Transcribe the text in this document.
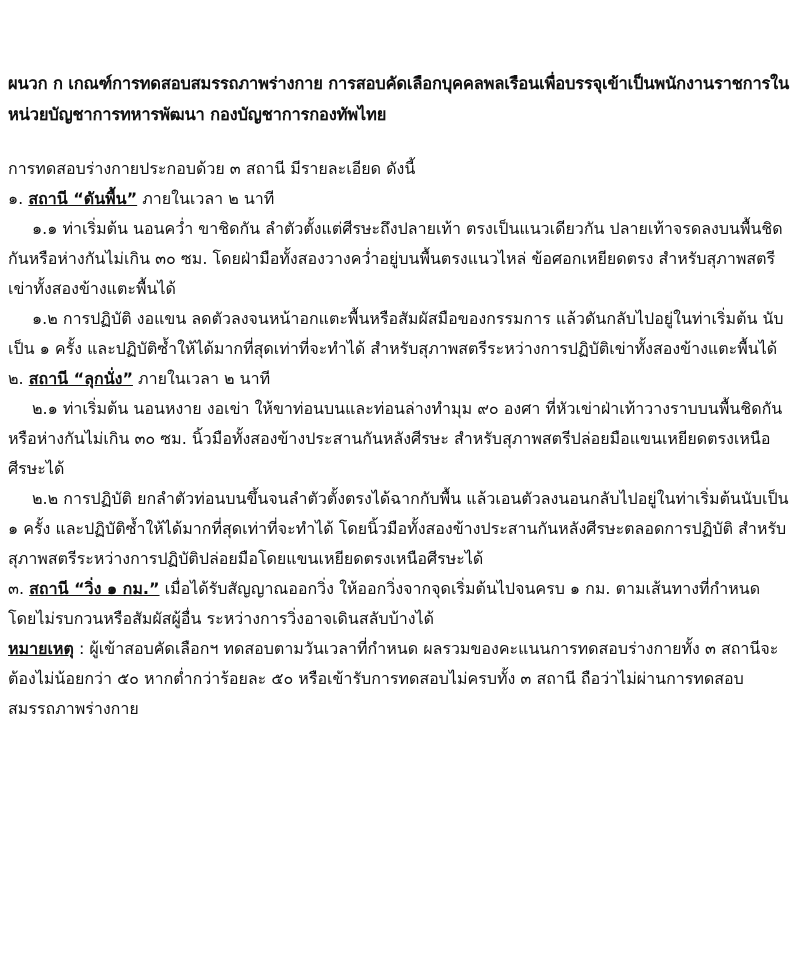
ผนวก ก เกณฑ์การทดสอบสมรรถภาพร่างกาย การสอบคัดเลือกบุคคลพลเรือนเพื่อบรรจุเข้าเป็นพนักงานราชการในหน่วยบัญชาการทหารพัฒนา กองบัญชาการกองทัพไทย

การทดสอบร่างกายประกอบด้วย ๓ สถานี มีรายละเอียด ดังนี้

๑. สถานี “ดันพื้น” ภายในเวลา ๒ นาที

๑.๑ ท่าเริ่มต้น นอนคว่ำ ขาชิดกัน ลำตัวตั้งแต่ศีรษะถึงปลายเท้า ตรงเป็นแนวเดียวกัน ปลายเท้าจรดลงบนพื้นชิดกันหรือห่างกันไม่เกิน ๓๐ ซม. โดยฝ่ามือทั้งสองวางคว่ำอยู่บนพื้นตรงแนวไหล่ ข้อศอกเหยียดตรง สำหรับสุภาพสตรีเข่าทั้งสองข้างแตะพื้นได้

๑.๒ การปฏิบัติ งอแขน ลดตัวลงจนหน้าอกแตะพื้นหรือสัมผัสมือของกรรมการ แล้วดันกลับไปอยู่ในท่าเริ่มต้น นับเป็น ๑ ครั้ง และปฏิบัติซ้ำให้ได้มากที่สุดเท่าที่จะทำได้ สำหรับสุภาพสตรีระหว่างการปฏิบัติเข่าทั้งสองข้างแตะพื้นได้

๒. สถานี “ลุกนั่ง” ภายในเวลา ๒ นาที

๒.๑ ท่าเริ่มต้น นอนหงาย งอเข่า ให้ขาท่อนบนและท่อนล่างทำมุม ๙๐ องศา ที่หัวเข่าฝ่าเท้าวางราบบนพื้นชิดกันหรือห่างกันไม่เกิน ๓๐ ซม. นิ้วมือทั้งสองข้างประสานกันหลังศีรษะ สำหรับสุภาพสตรีปล่อยมือแขนเหยียดตรงเหนือศีรษะได้

๒.๒ การปฏิบัติ ยกลำตัวท่อนบนขึ้นจนลำตัวตั้งตรงได้ฉากกับพื้น แล้วเอนตัวลงนอนกลับไปอยู่ในท่าเริ่มต้นนับเป็น ๑ ครั้ง และปฏิบัติซ้ำให้ได้มากที่สุดเท่าที่จะทำได้ โดยนิ้วมือทั้งสองข้างประสานกันหลังศีรษะตลอดการปฏิบัติ สำหรับสุภาพสตรีระหว่างการปฏิบัติปล่อยมือโดยแขนเหยียดตรงเหนือศีรษะได้

๓. สถานี “วิ่ง ๑ กม.” เมื่อได้รับสัญญาณออกวิ่ง ให้ออกวิ่งจากจุดเริ่มต้นไปจนครบ ๑ กม. ตามเส้นทางที่กำหนด โดยไม่รบกวนหรือสัมผัสผู้อื่น ระหว่างการวิ่งอาจเดินสลับบ้างได้

หมายเหตุ : ผู้เข้าสอบคัดเลือกฯ ทดสอบตามวันเวลาที่กำหนด ผลรวมของคะแนนการทดสอบร่างกายทั้ง ๓ สถานีจะต้องไม่น้อยกว่า ๕๐ หากต่ำกว่าร้อยละ ๕๐ หรือเข้ารับการทดสอบไม่ครบทั้ง ๓ สถานี ถือว่าไม่ผ่านการทดสอบสมรรถภาพร่างกาย
